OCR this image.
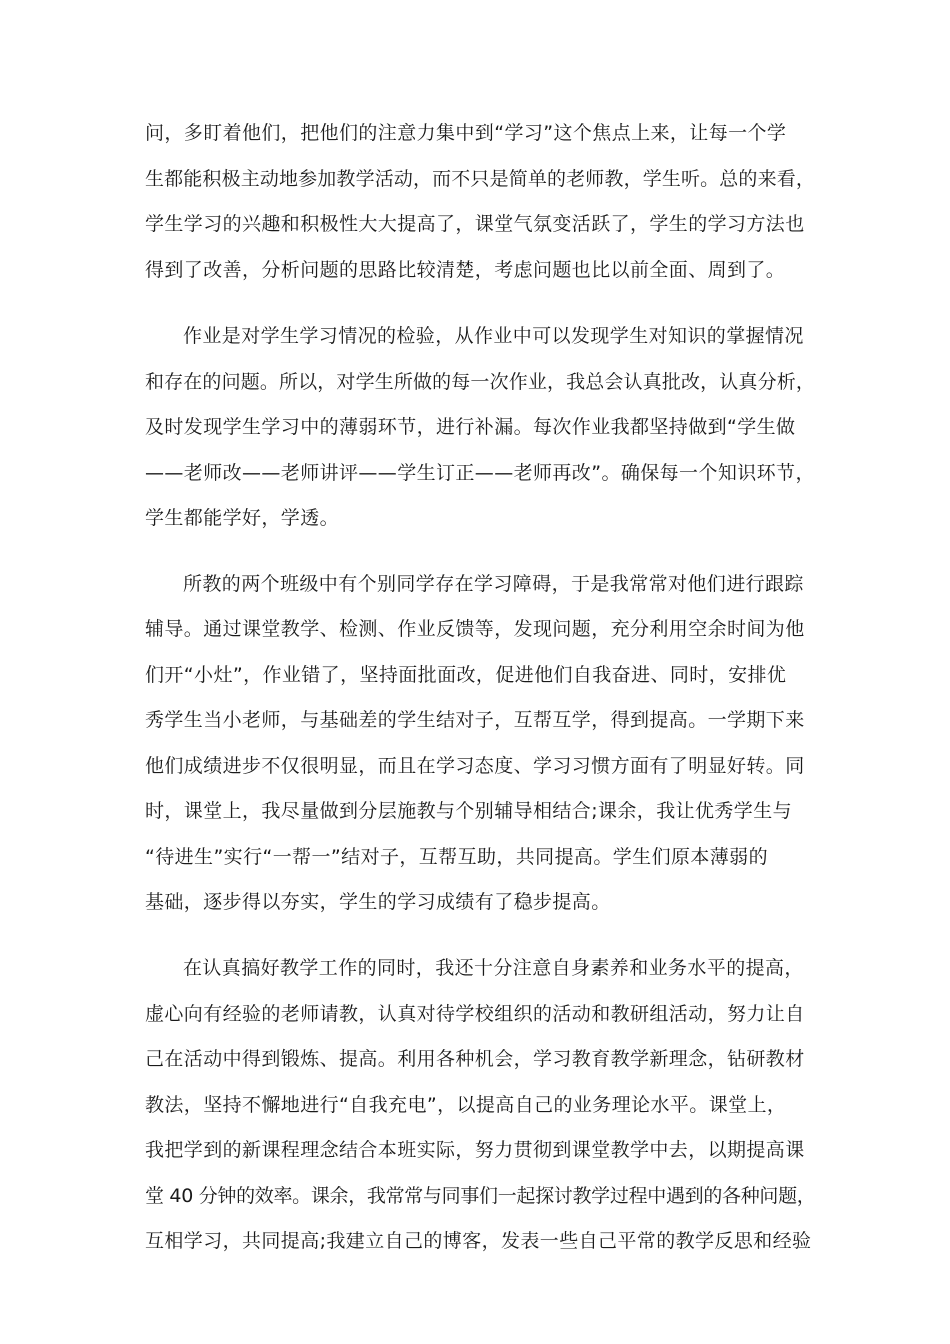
问，多盯着他们，把他们的注意力集中到“学习”这个焦点上来，让每一个学
生都能积极主动地参加教学活动，而不只是简单的老师教，学生听。总的来看，
学生学习的兴趣和积极性大大提高了，课堂气氛变活跃了，学生的学习方法也
得到了改善，分析问题的思路比较清楚，考虑问题也比以前全面、周到了。
作业是对学生学习情况的检验，从作业中可以发现学生对知识的掌握情况
和存在的问题。所以，对学生所做的每一次作业，我总会认真批改，认真分析，
及时发现学生学习中的薄弱环节，进行补漏。每次作业我都坚持做到“学生做
——老师改——老师讲评——学生订正——老师再改”。确保每一个知识环节，
学生都能学好，学透。
所教的两个班级中有个别同学存在学习障碍，于是我常常对他们进行跟踪
辅导。通过课堂教学、检测、作业反馈等，发现问题，充分利用空余时间为他
们开“小灶”，作业错了，坚持面批面改，促进他们自我奋进、同时，安排优
秀学生当小老师，与基础差的学生结对子，互帮互学，得到提高。一学期下来
他们成绩进步不仅很明显，而且在学习态度、学习习惯方面有了明显好转。同
时，课堂上，我尽量做到分层施教与个别辅导相结合;课余，我让优秀学生与
“待进生”实行“一帮一”结对子，互帮互助，共同提高。学生们原本薄弱的
基础，逐步得以夯实，学生的学习成绩有了稳步提高。
在认真搞好教学工作的同时，我还十分注意自身素养和业务水平的提高，
虚心向有经验的老师请教，认真对待学校组织的活动和教研组活动，努力让自
己在活动中得到锻炼、提高。利用各种机会，学习教育教学新理念，钻研教材
教法，坚持不懈地进行“自我充电”，以提高自己的业务理论水平。课堂上，
我把学到的新课程理念结合本班实际，努力贯彻到课堂教学中去，以期提高课
堂 40 分钟的效率。课余，我常常与同事们一起探讨教学过程中遇到的各种问题，
互相学习，共同提高;我建立自己的博客，发表一些自己平常的教学反思和经验
